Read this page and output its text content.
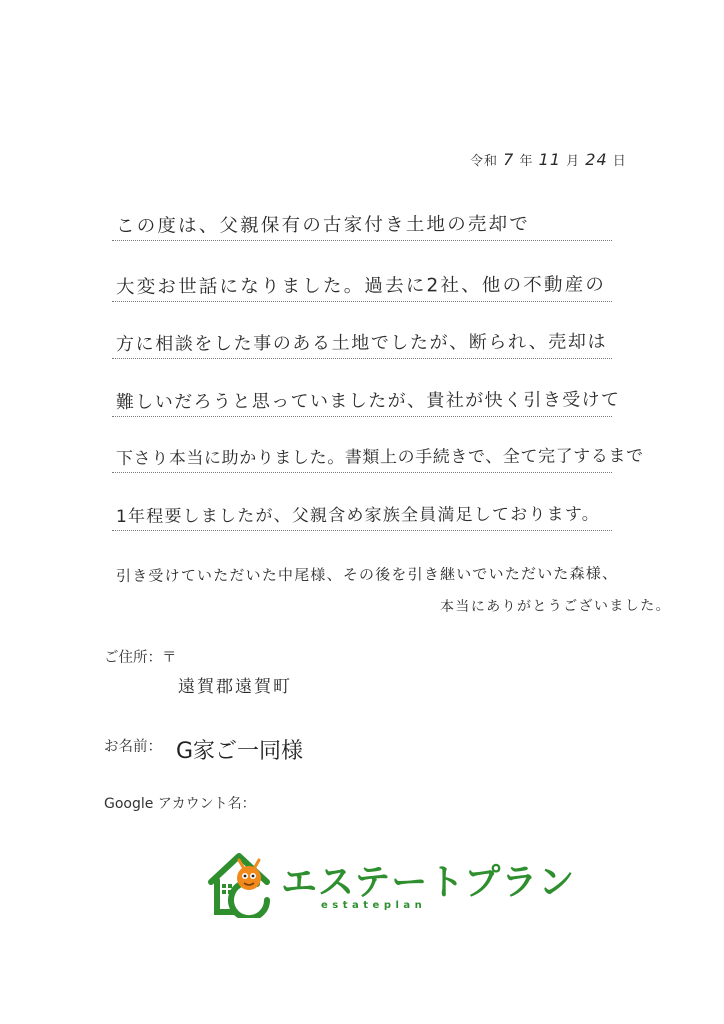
令和 7 年 11 月 24 日
この度は、父親保有の古家付き土地の売却で
大変お世話になりました。過去に2社、他の不動産の
方に相談をした事のある土地でしたが、断られ、売却は
難しいだろうと思っていましたが、貴社が快く引き受けて
下さり本当に助かりました。書類上の手続きで、全て完了するまで
1年程要しましたが、父親含め家族全員満足しております。
引き受けていただいた中尾様、その後を引き継いでいただいた森様、
本当にありがとうございました。
ご住所：〒
遠賀郡遠賀町
お名前： G家ご一同様
Google アカウント名：
エステートプラン
estateplan
